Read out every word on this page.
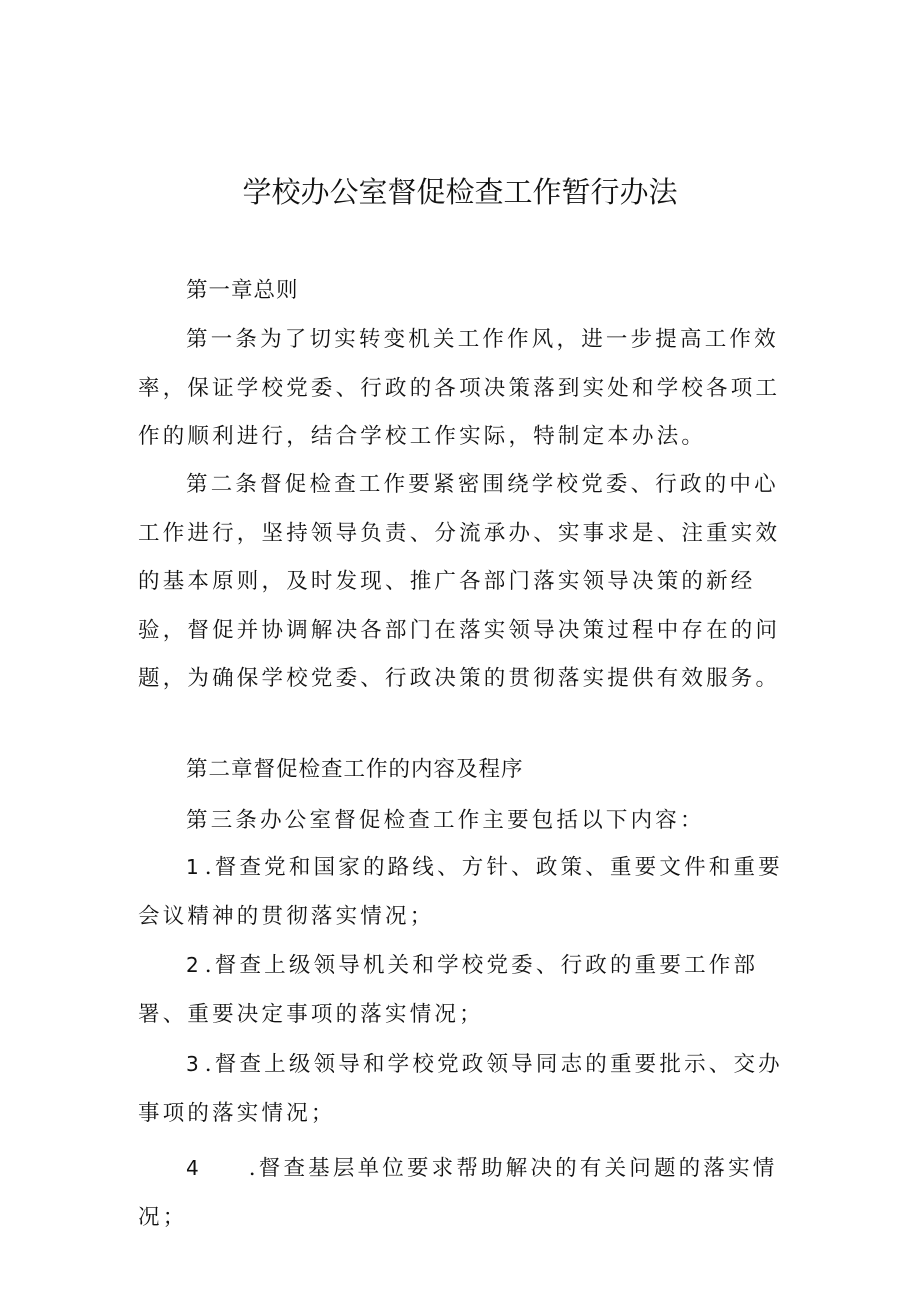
学校办公室督促检查工作暂行办法
第一章总则

第一条为了切实转变机关工作作风，进一步提高工作效率，保证学校党委、行政的各项决策落到实处和学校各项工作的顺利进行，结合学校工作实际，特制定本办法。

第二条督促检查工作要紧密围绕学校党委、行政的中心工作进行，坚持领导负责、分流承办、实事求是、注重实效的基本原则，及时发现、推广各部门落实领导决策的新经验，督促并协调解决各部门在落实领导决策过程中存在的问题，为确保学校党委、行政决策的贯彻落实提供有效服务。

第二章督促检查工作的内容及程序

第三条办公室督促检查工作主要包括以下内容：

1 .督查党和国家的路线、方针、政策、重要文件和重要会议精神的贯彻落实情况；

2 .督查上级领导机关和学校党委、行政的重要工作部署、重要决定事项的落实情况；

3 .督查上级领导和学校党政领导同志的重要批示、交办事项的落实情况；

4 .督查基层单位要求帮助解决的有关问题的落实情况；
